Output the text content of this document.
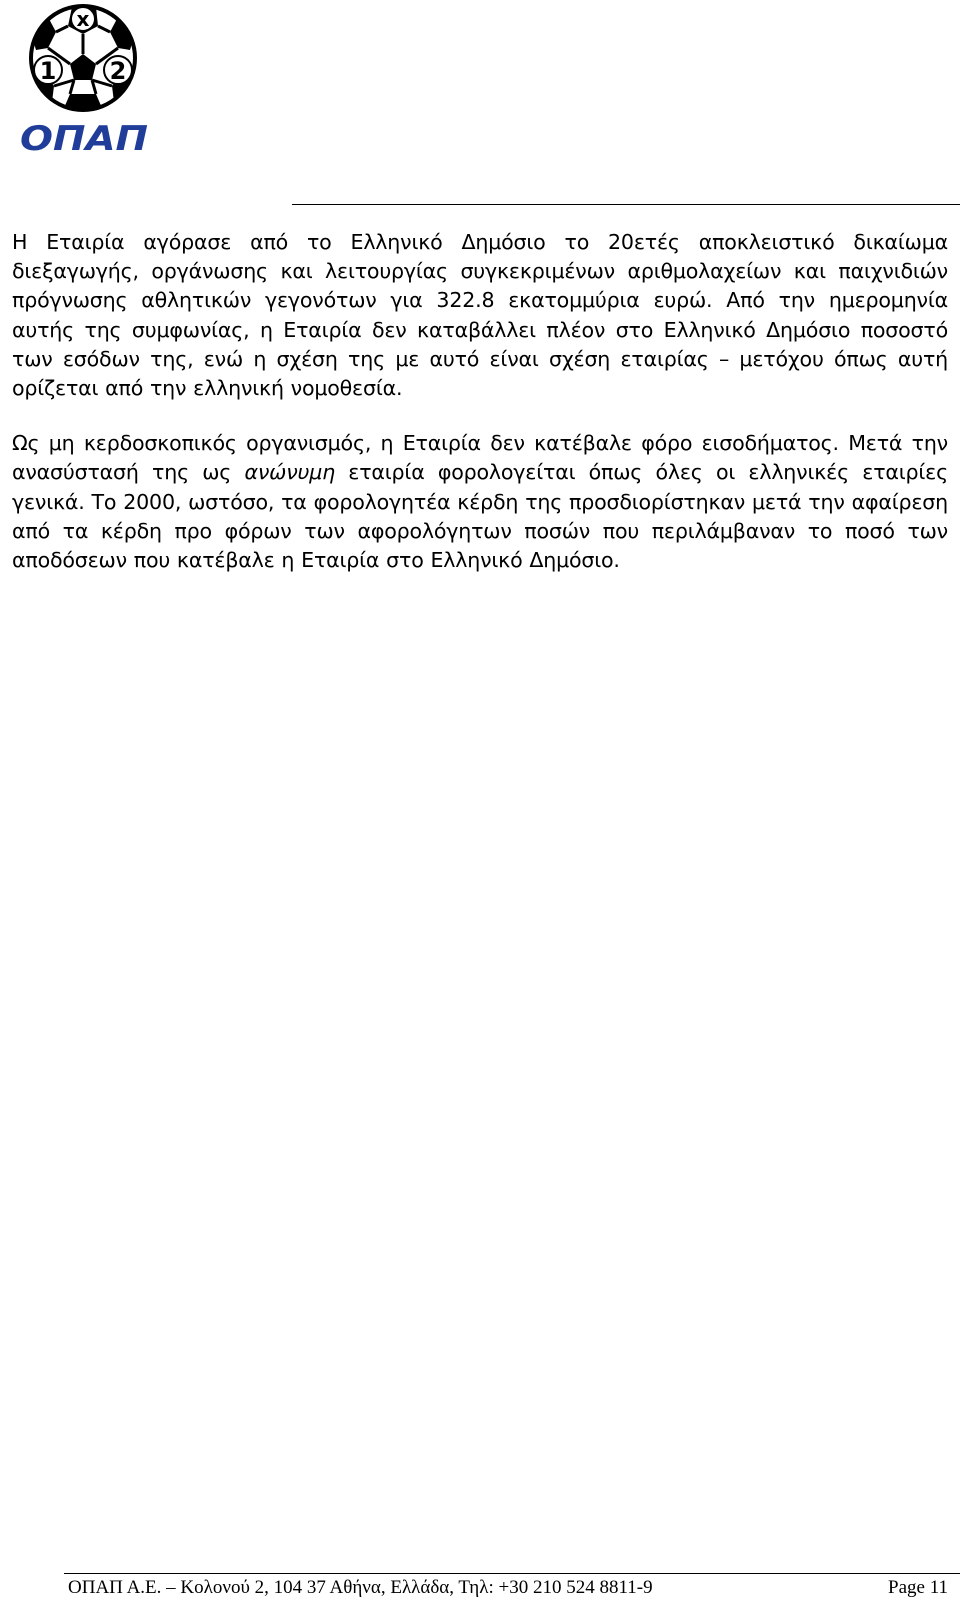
x
1 2
ΟΠΑΠ

Η Εταιρία αγόρασε από το Ελληνικό Δημόσιο το 20ετές αποκλειστικό δικαίωμα διεξαγωγής, οργάνωσης και λειτουργίας συγκεκριμένων αριθμολαχείων και παιχνιδιών πρόγνωσης αθλητικών γεγονότων για 322.8 εκατομμύρια ευρώ. Από την ημερομηνία αυτής της συμφωνίας, η Εταιρία δεν καταβάλλει πλέον στο Ελληνικό Δημόσιο ποσοστό των εσόδων της, ενώ η σχέση της με αυτό είναι σχέση εταιρίας – μετόχου όπως αυτή ορίζεται από την ελληνική νομοθεσία.

Ως μη κερδοσκοπικός οργανισμός, η Εταιρία δεν κατέβαλε φόρο εισοδήματος. Μετά την ανασύστασή της ως ανώνυμη εταιρία φορολογείται όπως όλες οι ελληνικές εταιρίες γενικά. Το 2000, ωστόσο, τα φορολογητέα κέρδη της προσδιορίστηκαν μετά την αφαίρεση από τα κέρδη προ φόρων των αφορολόγητων ποσών που περιλάμβαναν το ποσό των αποδόσεων που κατέβαλε η Εταιρία στο Ελληνικό Δημόσιο.

ΟΠΑΠ Α.Ε. – Κολονού 2, 104 37 Αθήνα, Ελλάδα, Τηλ: +30 210 524 8811-9	Page 11
